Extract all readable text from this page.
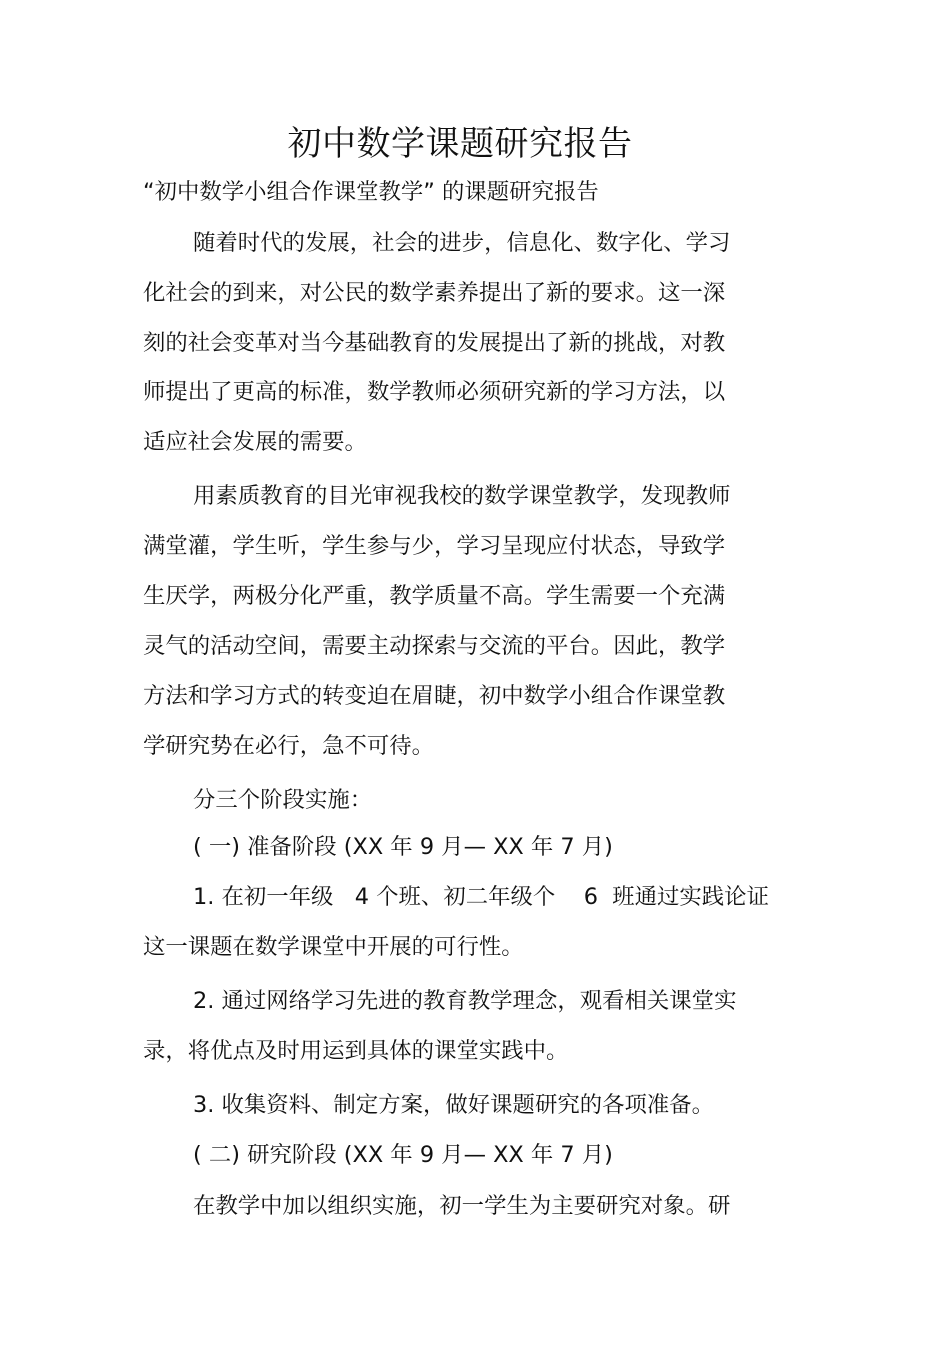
初中数学课题研究报告
“初中数学小组合作课堂教学” 的课题研究报告
随着时代的发展，社会的进步，信息化、数字化、学习
化社会的到来，对公民的数学素养提出了新的要求。这一深
刻的社会变革对当今基础教育的发展提出了新的挑战，对教
师提出了更高的标准，数学教师必须研究新的学习方法，以
适应社会发展的需要。
用素质教育的目光审视我校的数学课堂教学，发现教师
满堂灌，学生听，学生参与少，学习呈现应付状态，导致学
生厌学，两极分化严重，教学质量不高。学生需要一个充满
灵气的活动空间，需要主动探索与交流的平台。因此，教学
方法和学习方式的转变迫在眉睫，初中数学小组合作课堂教
学研究势在必行，急不可待。
分三个阶段实施：
( 一) 准备阶段 (XX 年 9 月— XX 年 7 月)
1. 在初一年级   4 个班、初二年级个    6  班通过实践论证
这一课题在数学课堂中开展的可行性。
2. 通过网络学习先进的教育教学理念，观看相关课堂实
录，将优点及时用运到具体的课堂实践中。
3. 收集资料、制定方案，做好课题研究的各项准备。
( 二) 研究阶段 (XX 年 9 月— XX 年 7 月)
在教学中加以组织实施，初一学生为主要研究对象。研
